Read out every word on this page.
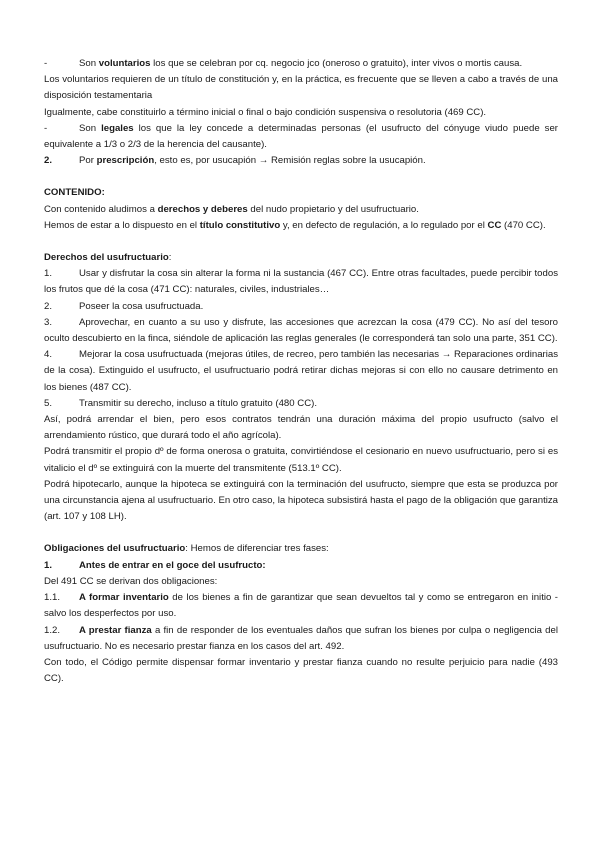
-	Son voluntarios los que se celebran por cq. negocio jco (oneroso o gratuito), inter vivos o mortis causa.

Los voluntarios requieren de un título de constitución y, en la práctica, es frecuente que se lleven a cabo a través de una disposición testamentaria

Igualmente, cabe constituirlo a término inicial o final o bajo condición suspensiva o resolutoria (469 CC).

-	Son legales los que la ley concede a determinadas personas (el usufructo del cónyuge viudo puede ser equivalente a 1/3 o 2/3 de la herencia del causante).

2.	Por prescripción, esto es, por usucapión → Remisión reglas sobre la usucapión.

CONTENIDO:

Con contenido aludimos a derechos y deberes del nudo propietario y del usufructuario.

Hemos de estar a lo dispuesto en el título constitutivo y, en defecto de regulación, a lo regulado por el CC (470 CC).

Derechos del usufructuario:

1.	Usar y disfrutar la cosa sin alterar la forma ni la sustancia (467 CC). Entre otras facultades, puede percibir todos los frutos que dé la cosa (471 CC): naturales, civiles, industriales…

2.	Poseer la cosa usufructuada.

3.	Aprovechar, en cuanto a su uso y disfrute, las accesiones que acrezcan la cosa (479 CC). No así del tesoro oculto descubierto en la finca, siéndole de aplicación las reglas generales (le corresponderá tan solo una parte, 351 CC).

4.	Mejorar la cosa usufructuada (mejoras útiles, de recreo, pero también las necesarias → Reparaciones ordinarias de la cosa). Extinguido el usufructo, el usufructuario podrá retirar dichas mejoras si con ello no causare detrimento en los bienes (487 CC).

5.	Transmitir su derecho, incluso a título gratuito (480 CC).

Así, podrá arrendar el bien, pero esos contratos tendrán una duración máxima del propio usufructo (salvo el arrendamiento rústico, que durará todo el año agrícola).

Podrá transmitir el propio dº de forma onerosa o gratuita, convirtiéndose el cesionario en nuevo usufructuario, pero si es vitalicio el dº se extinguirá con la muerte del transmitente (513.1º CC).

Podrá hipotecarlo, aunque la hipoteca se extinguirá con la terminación del usufructo, siempre que esta se produzca por una circunstancia ajena al usufructuario. En otro caso, la hipoteca subsistirá hasta el pago de la obligación que garantiza (art. 107 y 108 LH).

Obligaciones del usufructuario: Hemos de diferenciar tres fases:

1.	Antes de entrar en el goce del usufructo:

Del 491 CC se derivan dos obligaciones:

1.1. A formar inventario de los bienes a fin de garantizar que sean devueltos tal y como se entregaron en initio - salvo los desperfectos por uso.

1.2. A prestar fianza a fin de responder de los eventuales daños que sufran los bienes por culpa o negligencia del usufructuario. No es necesario prestar fianza en los casos del art. 492.

Con todo, el Código permite dispensar formar inventario y prestar fianza cuando no resulte perjuicio para nadie (493 CC).
